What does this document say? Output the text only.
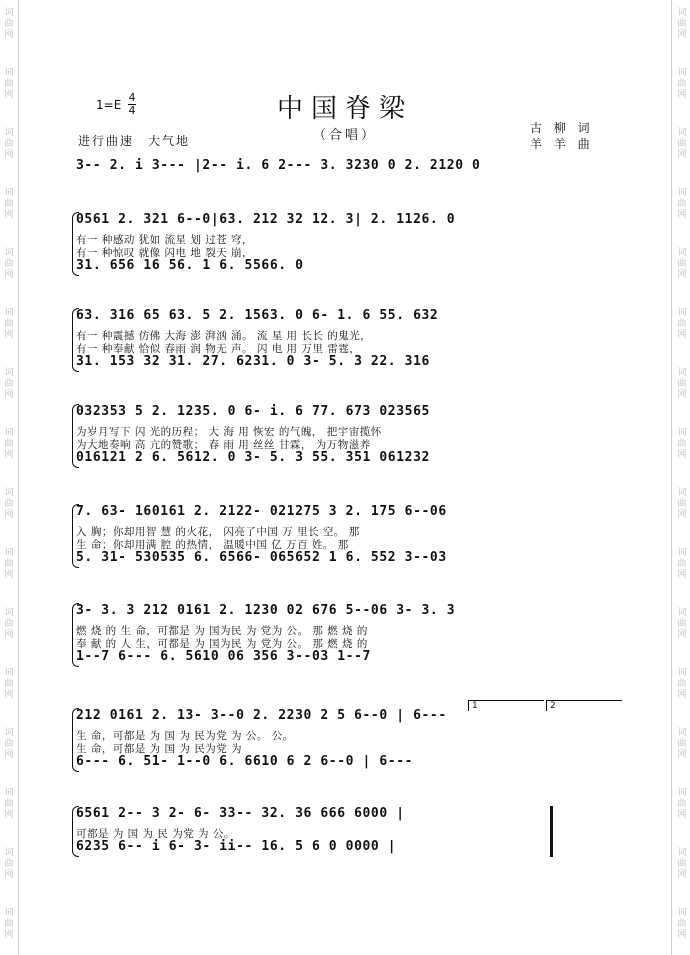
词
曲
网
词
曲
网
词
曲
网
词
曲
网
词
曲
网
词
曲
网
词
曲
网
词
曲
网
词
曲
网
词
曲
网
词
曲
网
词
曲
网
词
曲
网
词
曲
网
词
曲
网
词
曲
网
词
曲
网
词
曲
网
词
曲
网
词
曲
网
词
曲
网
词
曲
网
词
曲
网
词
曲
网
词
曲
网
词
曲
网
词
曲
网
词
曲
网
词
曲
网
词
曲
网
词
曲
网
词
曲
网
中国脊梁
（合唱）
1=E
4
4
进行曲速　大气地
古 柳 词
羊 羊 曲
3-- 2. i 3--- |2-- i. 6 2--- 3. 3230 0 2. 2120 0
0561 2. 321 6--0|63. 212 32 12. 3| 2. 1126. 0
有一 种感动 犹如 流星 划 过苍 穹，
有一 种惊叹 就像 闪电 地 裂天 崩，
31. 656 16 56. 1 6. 5566. 0
63. 316 65 63. 5 2. 1563. 0 6- 1. 6 55. 632
有一 种震撼 仿佛 大海 澎 湃汹 涌。 流 星 用 长长 的鬼光，
有一 种奉献 恰似 春雨 润 物无 声。 闪 电 用 万里 雷霆，
31. 153 32 31. 27. 6231. 0 3- 5. 3 22. 316
032353 5 2. 1235. 0 6- i. 6 77. 673 023565
为岁月写下 闪 光的历程； 大 海 用 恢宏 的气魄， 把宇宙揽怀
为大地奏响 高 亢的赞歌； 春 雨 用 丝丝 甘霖， 为万物滋养
016121 2 6. 5612. 0 3- 5. 3 55. 351 061232
7. 63- 160161 2. 2122- 021275 3 2. 175 6--06
入 胸；你却用智 慧 的火花， 闪亮了中国 万 里长 空。 那
生 命；你却用满 腔 的热情， 温暖中国 亿 万百 姓。 那
5. 31- 530535 6. 6566- 065652 1 6. 552 3--03
3- 3. 3 212 0161 2. 1230 02 676 5--06 3- 3. 3
燃 烧 的 生 命，可都是 为 国为民 为 党为 公。 那 燃 烧 的
奉 献 的 人 生，可都是 为 国为民 为 党为 公。 那 燃 烧 的
1--7 6--- 6. 5610 06 356 3--03 1--7
212 0161 2. 13- 3--0 2. 2230 2 5 6--0 | 6---
生 命，可都是 为 国 为 民为党 为 公。 公。
生 命，可都是 为 国 为 民为党 为
6--- 6. 51- 1--0 6. 6610 6 2 6--0 | 6---
6561 2-- 3 2- 6- 33-- 32. 36 666 6000 |
可都是 为 国 为 民 为党 为 公。
6235 6-- i 6- 3- ii-- 16. 5 6 0 0000 |
1	2
